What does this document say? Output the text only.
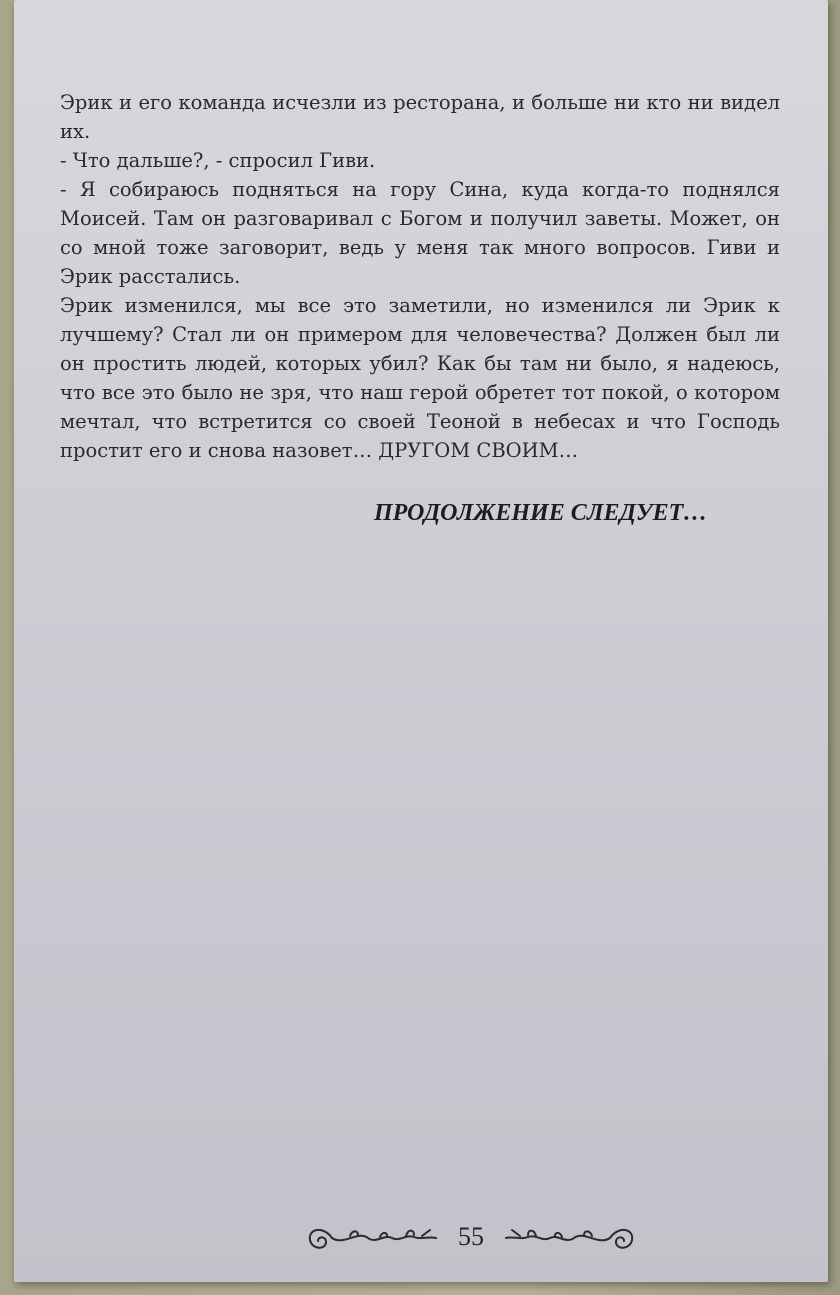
Эрик и его команда исчезли из ресторана, и больше ни кто ни видел их.

- Что дальше?, - спросил Гиви.

- Я собираюсь подняться на гору Сина, куда когда-то поднялся Моисей. Там он разговаривал с Богом и получил заветы. Может, он со мной тоже заговорит, ведь у меня так много вопросов. Гиви и Эрик расстались.

Эрик изменился, мы все это заметили, но изменился ли Эрик к лучшему? Стал ли он примером для человечества? Должен был ли он простить людей, которых убил? Как бы там ни было, я надеюсь, что все это было не зря, что наш герой обретет тот покой, о котором мечтал, что встретится со своей Теоной в небесах и что Господь простит его и снова назовет… ДРУГОМ СВОИМ…

ПРОДОЛЖЕНИЕ СЛЕДУЕТ…
55
